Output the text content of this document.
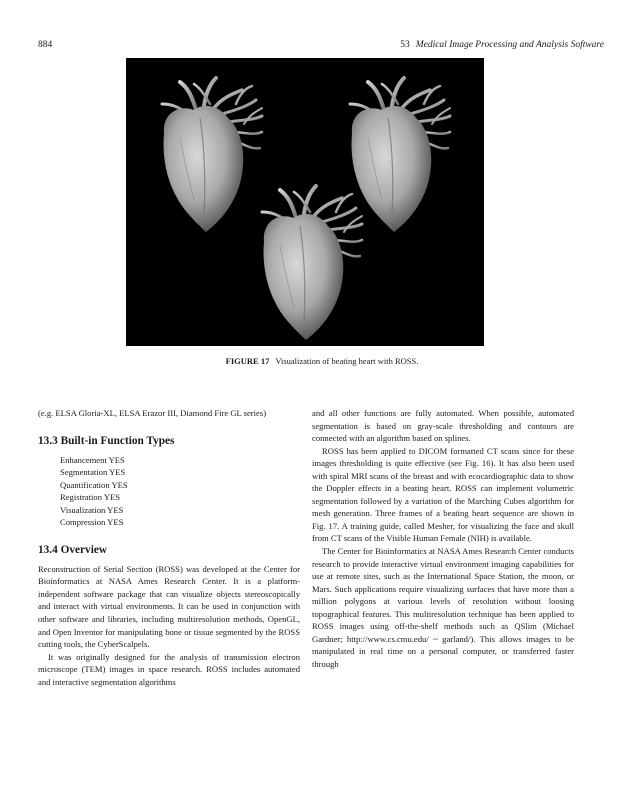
884	53 Medical Image Processing and Analysis Software
FIGURE 17 Visualization of beating heart with ROSS.

(e.g. ELSA Gloria-XL, ELSA Erazor III, Diamond Fire GL series)

13.3 Built-in Function Types
Enhancement YES
Segmentation YES
Quantification YES
Registration YES
Visualization YES
Compression YES
13.4 Overview

Reconstruction of Serial Section (ROSS) was developed at the Center for Bioinformatics at NASA Ames Research Center. It is a platform-independent software package that can visualize objects stereoscopically and interact with virtual environments. It can be used in conjunction with other software and libraries, including multiresolution methods, OpenGL, and Open Inventor for manipulating bone or tissue segmented by the ROSS cutting tools, the CyberScalpels.

It was originally designed for the analysis of transmission electron microscope (TEM) images in space research. ROSS includes automated and interactive segmentation algorithms

and all other functions are fully automated. When possible, automated segmentation is based on gray-scale thresholding and contours are connected with an algorithm based on splines.

ROSS has been applied to DICOM formatted CT scans since for these images thresholding is quite effective (see Fig. 16). It has also been used with spiral MRI scans of the breast and with ecocardiographic data to show the Doppler effects in a beating heart. ROSS can implement volumetric segmentation followed by a variation of the Marching Cubes algorithm for mesh generation. Three frames of a beating heart sequence are shown in Fig. 17. A training guide, called Mesher, for visualizing the face and skull from CT scans of the Visible Human Female (NIH) is available.

The Center for Bioinformatics at NASA Ames Research Center conducts research to provide interactive virtual environment imaging capabilities for use at remote sites, such as the International Space Station, the moon, or Mars. Such applications require visualizing surfaces that have more than a million polygons at various levels of resolution without loosing topographical features. This multiresolution technique has been applied to ROSS images using off-the-shelf methods such as QSlim (Michael Gardner; http://www.cs.cmu.edu/ ~ garland/). This allows images to be manipulated in real time on a personal computer, or transferred faster through
